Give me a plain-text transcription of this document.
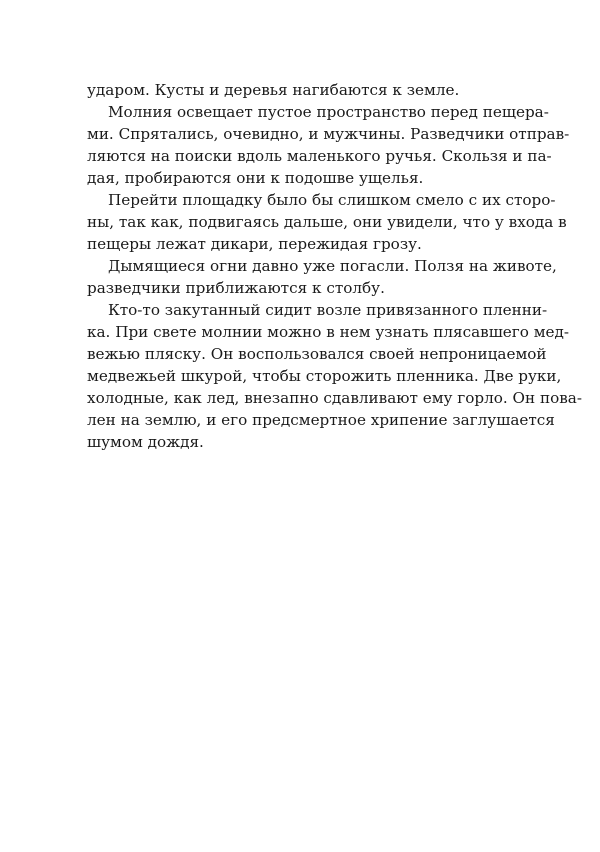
ударом. Кусты и деревья нагибаются к земле.
Молния освещает пустое пространство перед пещера-
ми. Спрятались, очевидно, и мужчины. Разведчики отправ-
ляются на поиски вдоль маленького ручья. Скользя и па-
дая, пробираются они к подошве ущелья.
Перейти площадку было бы слишком смело с их сторо-
ны, так как, подвигаясь дальше, они увидели, что у входа в
пещеры лежат дикари, пережидая грозу.
Дымящиеся огни давно уже погасли. Ползя на животе,
разведчики приближаются к столбу.
Кто-то закутанный сидит возле привязанного пленни-
ка. При свете молнии можно в нем узнать плясавшего мед-
вежью пляску. Он воспользовался своей непроницаемой
медвежьей шкурой, чтобы сторожить пленника. Две руки,
холодные, как лед, внезапно сдавливают ему горло. Он пова-
лен на землю, и его предсмертное хрипение заглушается
шумом дождя.
